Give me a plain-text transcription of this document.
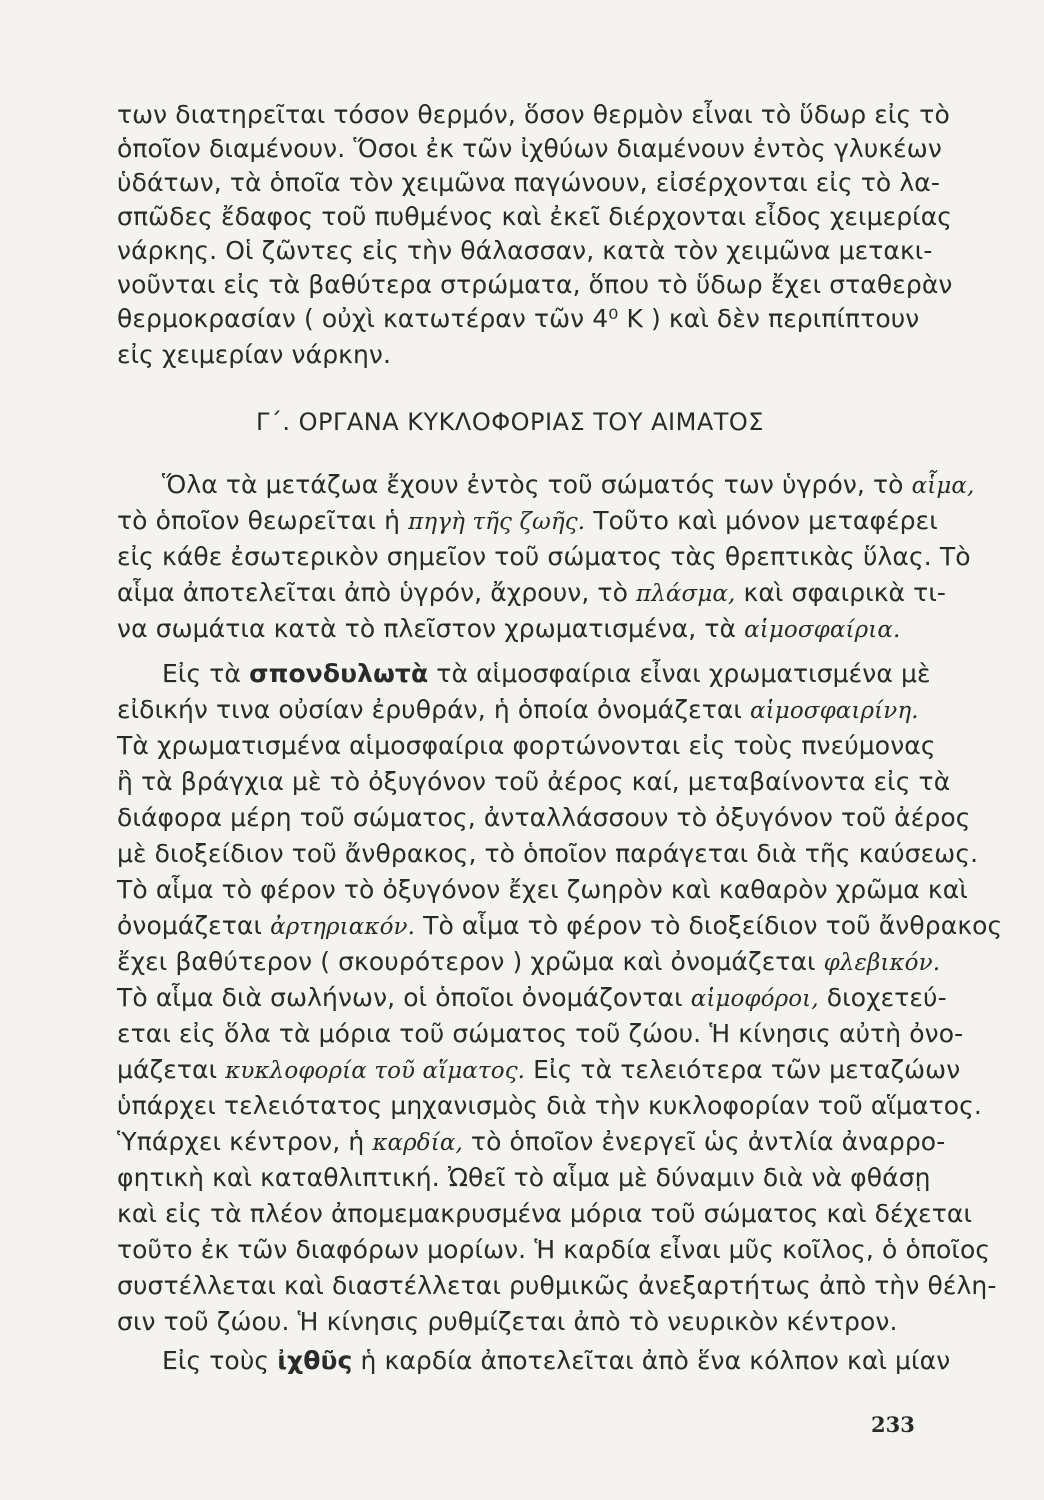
των διατηρεῖται τόσον θερμόν, ὅσον θερμὸν εἶναι τὸ ὕδωρ εἰς τὸ
ὁποῖον διαμένουν. Ὅσοι ἐκ τῶν ἰχθύων διαμένουν ἐντὸς γλυκέων
ὑδάτων, τὰ ὁποῖα τὸν χειμῶνα παγώνουν, εἰσέρχονται εἰς τὸ λα-
σπῶδες ἔδαφος τοῦ πυθμένος καὶ ἐκεῖ διέρχονται εἶδος χειμερίας
νάρκης. Οἱ ζῶντες εἰς τὴν θάλασσαν, κατὰ τὸν χειμῶνα μετακι-
νοῦνται εἰς τὰ βαθύτερα στρώματα, ὅπου τὸ ὕδωρ ἔχει σταθερὰν
θερμοκρασίαν ( οὐχὶ κατωτέραν τῶν 4⁰ Κ ) καὶ δὲν περιπίπτουν
εἰς χειμερίαν νάρκην.
Γ΄. ΟΡΓΑΝΑ ΚΥΚΛΟΦΟΡΙΑΣ ΤΟΥ ΑΙΜΑΤΟΣ
Ὅλα τὰ μετάζωα ἔχουν ἐντὸς τοῦ σώματός των ὑγρόν, τὸ αἷμα,
τὸ ὁποῖον θεωρεῖται ἡ πηγὴ τῆς ζωῆς. Τοῦτο καὶ μόνον μεταφέρει
εἰς κάθε ἐσωτερικὸν σημεῖον τοῦ σώματος τὰς θρεπτικὰς ὕλας. Τὸ
αἷμα ἀποτελεῖται ἀπὸ ὑγρόν, ἄχρουν, τὸ πλάσμα, καὶ σφαιρικὰ τι-
να σωμάτια κατὰ τὸ πλεῖστον χρωματισμένα, τὰ αἱμοσφαίρια.
Εἰς τὰ σπονδυλωτὰ τὰ αἱμοσφαίρια εἶναι χρωματισμένα μὲ
εἰδικήν τινα οὐσίαν ἐρυθράν, ἡ ὁποία ὀνομάζεται αἱμοσφαιρίνη.
Τὰ χρωματισμένα αἱμοσφαίρια φορτώνονται εἰς τοὺς πνεύμονας
ἢ τὰ βράγχια μὲ τὸ ὀξυγόνον τοῦ ἀέρος καί, μεταβαίνοντα εἰς τὰ
διάφορα μέρη τοῦ σώματος, ἀνταλλάσσουν τὸ ὀξυγόνον τοῦ ἀέρος
μὲ διοξείδιον τοῦ ἄνθρακος, τὸ ὁποῖον παράγεται διὰ τῆς καύσεως.
Τὸ αἷμα τὸ φέρον τὸ ὀξυγόνον ἔχει ζωηρὸν καὶ καθαρὸν χρῶμα καὶ
ὀνομάζεται ἀρτηριακόν. Τὸ αἷμα τὸ φέρον τὸ διοξείδιον τοῦ ἄνθρακος
ἔχει βαθύτερον ( σκουρότερον ) χρῶμα καὶ ὀνομάζεται φλεβικόν.
Τὸ αἷμα διὰ σωλήνων, οἱ ὁποῖοι ὀνομάζονται αἱμοφόροι, διοχετεύ-
εται εἰς ὅλα τὰ μόρια τοῦ σώματος τοῦ ζώου. Ἡ κίνησις αὐτὴ ὀνο-
μάζεται κυκλοφορία τοῦ αἵματος. Εἰς τὰ τελειότερα τῶν μεταζώων
ὑπάρχει τελειότατος μηχανισμὸς διὰ τὴν κυκλοφορίαν τοῦ αἵματος.
Ὑπάρχει κέντρον, ἡ καρδία, τὸ ὁποῖον ἐνεργεῖ ὡς ἀντλία ἀναρρο-
φητικὴ καὶ καταθλιπτική. Ὠθεῖ τὸ αἷμα μὲ δύναμιν διὰ νὰ φθάσῃ
καὶ εἰς τὰ πλέον ἀπομεμακρυσμένα μόρια τοῦ σώματος καὶ δέχεται
τοῦτο ἐκ τῶν διαφόρων μορίων. Ἡ καρδία εἶναι μῦς κοῖλος, ὁ ὁποῖος
συστέλλεται καὶ διαστέλλεται ρυθμικῶς ἀνεξαρτήτως ἀπὸ τὴν θέλη-
σιν τοῦ ζώου. Ἡ κίνησις ρυθμίζεται ἀπὸ τὸ νευρικὸν κέντρον.
Εἰς τοὺς ἰχθῦς ἡ καρδία ἀποτελεῖται ἀπὸ ἕνα κόλπον καὶ μίαν
233
